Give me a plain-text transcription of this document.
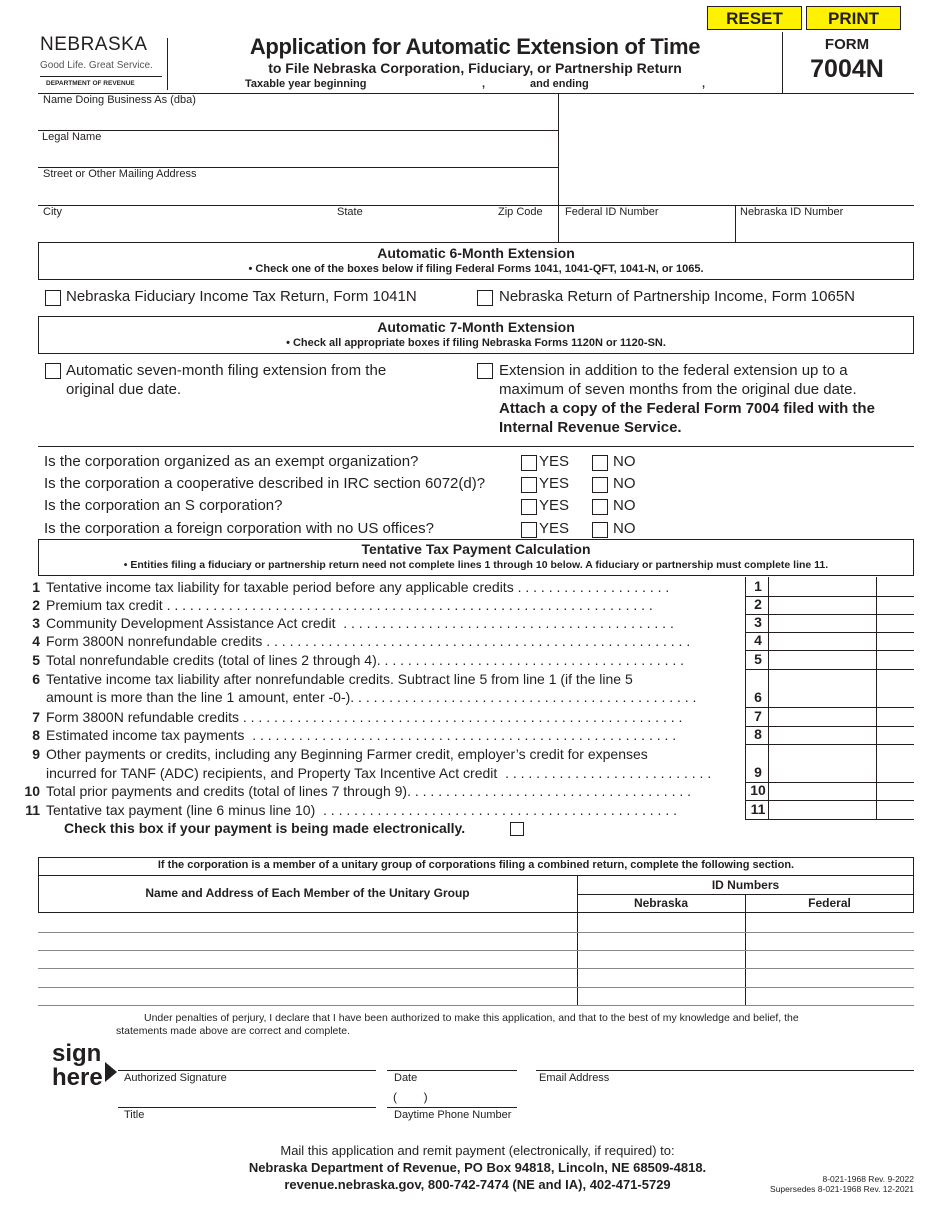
RESET	PRINT
NEBRASKA
Good Life. Great Service.
DEPARTMENT OF REVENUE
Application for Automatic Extension of Time
to File Nebraska Corporation, Fiduciary, or Partnership Return
Taxable year beginning	,	and ending	,
FORM
7004N
Name Doing Business As (dba)
Legal Name
Street or Other Mailing Address
City	State	Zip Code Federal ID Number	Nebraska ID Number
Automatic 6-Month Extension
• Check one of the boxes below if filing Federal Forms 1041, 1041-QFT, 1041-N, or 1065.
Nebraska Fiduciary Income Tax Return, Form 1041N	Nebraska Return of Partnership Income, Form 1065N
Automatic 7-Month Extension
• Check all appropriate boxes if filing Nebraska Forms 1120N or 1120-SN.
Automatic seven-month filing extension from the
original due date.
Extension in addition to the federal extension up to a
maximum of seven months from the original due date.
Attach a copy of the Federal Form 7004 filed with the
Internal Revenue Service.
Is the corporation organized as an exempt organization?	YES	NO
Is the corporation a cooperative described in IRC section 6072(d)?	YES	NO
Is the corporation an S corporation?	YES	NO
Is the corporation a foreign corporation with no US offices?	YES	NO
Tentative Tax Payment Calculation
• Entities filing a fiduciary or partnership return need not complete lines 1 through 10 below. A fiduciary or partnership must complete line 11.
1 Tentative income tax liability for taxable period before any applicable credits . . . . . . . . . . . . . . . . . . . .	1
2 Premium tax credit . . . . . . . . . . . . . . . . . . . . . . . . . . . . . . . . . . . . . . . . . . . . . . . . . . . . . . . . . . . . . . .	2
3 Community Development Assistance Act credit  . . . . . . . . . . . . . . . . . . . . . . . . . . . . . . . . . . . . . . . . . . .	3
4 Form 3800N nonrefundable credits . . . . . . . . . . . . . . . . . . . . . . . . . . . . . . . . . . . . . . . . . . . . . . . . . . . . . . .	4
5 Total nonrefundable credits (total of lines 2 through 4). . . . . . . . . . . . . . . . . . . . . . . . . . . . . . . . . . . . . . . .	5
6 Tentative income tax liability after nonrefundable credits. Subtract line 5 from line 1 (if the line 5
amount is more than the line 1 amount, enter -0-). . . . . . . . . . . . . . . . . . . . . . . . . . . . . . . . . . . . . . . . . . . . .	6
7 Form 3800N refundable credits . . . . . . . . . . . . . . . . . . . . . . . . . . . . . . . . . . . . . . . . . . . . . . . . . . . . . . . . .	7
8 Estimated income tax payments  . . . . . . . . . . . . . . . . . . . . . . . . . . . . . . . . . . . . . . . . . . . . . . . . . . . . . . .	8
9 Other payments or credits, including any Beginning Farmer credit, employer’s credit for expenses
incurred for TANF (ADC) recipients, and Property Tax Incentive Act credit  . . . . . . . . . . . . . . . . . . . . . . . . . . .	9
10 Total prior payments and credits (total of lines 7 through 9). . . . . . . . . . . . . . . . . . . . . . . . . . . . . . . . . . . . .	10
11 Tentative tax payment (line 6 minus line 10)  . . . . . . . . . . . . . . . . . . . . . . . . . . . . . . . . . . . . . . . . . . . . . .	11
Check this box if your payment is being made electronically.
If the corporation is a member of a unitary group of corporations filing a combined return, complete the following section.
Name and Address of Each Member of the Unitary Group
ID Numbers
Nebraska	Federal
Under penalties of perjury, I declare that I have been authorized to make this application, and that to the best of my knowledge and belief, the
statements made above are correct and complete.
sign
here Authorized Signature	Date	Email Address
Title
(        )
Daytime Phone Number
Mail this application and remit payment (electronically, if required) to:
Nebraska Department of Revenue, PO Box 94818, Lincoln, NE 68509-4818.
revenue.nebraska.gov, 800-742-7474 (NE and IA), 402-471-5729	8-021-1968 Rev. 9-2022
Supersedes 8-021-1968 Rev. 12-2021
